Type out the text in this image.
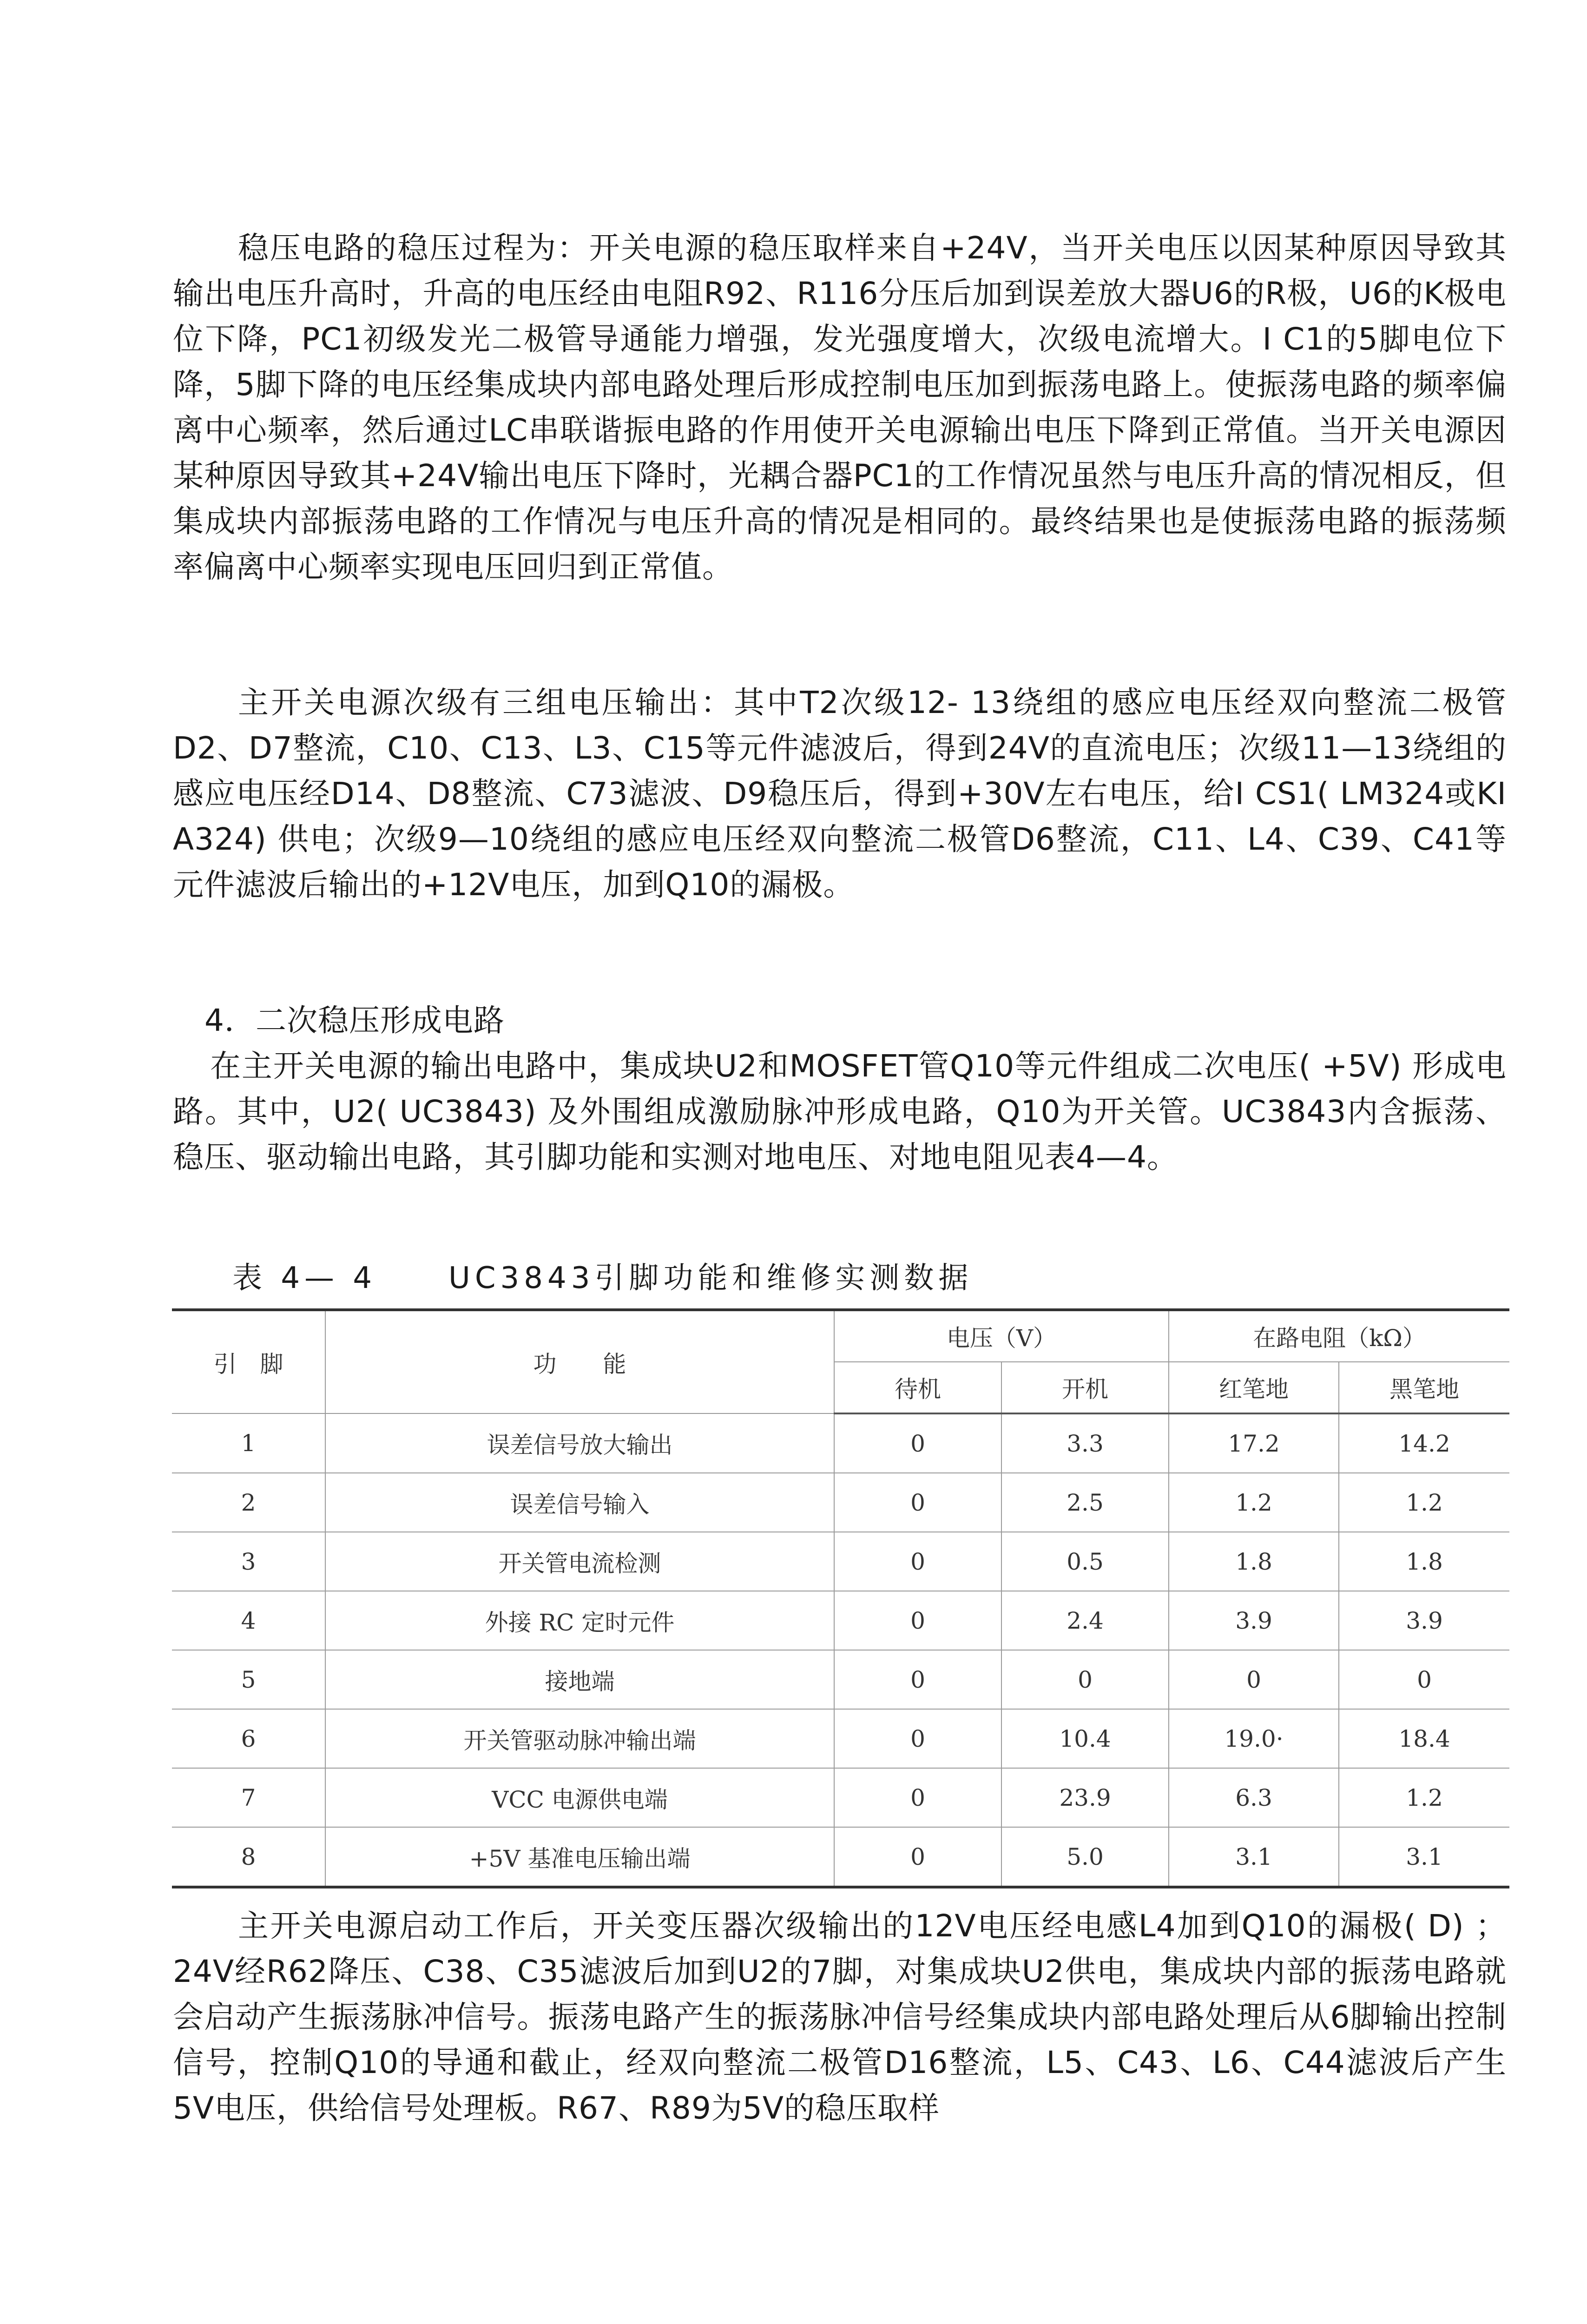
稳压电路的稳压过程为：开关电源的稳压取样来自+24V，当开关电压以因某种原因导致其输出电压升高时，升高的电压经由电阻R92、R116分压后加到误差放大器U6的R极，U6的K极电位下降，PC1初级发光二极管导通能力增强，发光强度增大，次级电流增大。I C1的5脚电位下降，5脚下降的电压经集成块内部电路处理后形成控制电压加到振荡电路上。使振荡电路的频率偏离中心频率，然后通过LC串联谐振电路的作用使开关电源输出电压下降到正常值。当开关电源因某种原因导致其+24V输出电压下降时，光耦合器PC1的工作情况虽然与电压升高的情况相反，但集成块内部振荡电路的工作情况与电压升高的情况是相同的。最终结果也是使振荡电路的振荡频率偏离中心频率实现电压回归到正常值。

主开关电源次级有三组电压输出：其中T2次级12- 13绕组的感应电压经双向整流二极管D2、D7整流，C10、C13、L3、C15等元件滤波后，得到24V的直流电压；次级11—13绕组的感应电压经D14、D8整流、C73滤波、D9稳压后，得到+30V左右电压，给I CS1( LM324或KI A324) 供电；次级9—10绕组的感应电压经双向整流二极管D6整流，C11、L4、C39、C41等元件滤波后输出的+12V电压，加到Q10的漏极。

4．二次稳压形成电路

在主开关电源的输出电路中，集成块U2和MOSFET管Q10等元件组成二次电压( +5V) 形成电路。其中，U2( UC3843) 及外围组成激励脉冲形成电路，Q10为开关管。UC3843内含振荡、稳压、驱动输出电路，其引脚功能和实测对地电压、对地电阻见表4—4。

表 4— 4 UC3843引脚功能和维修实测数据
引　脚	功　　能	电压（V）		在路电阻（kΩ）	
		待机	开机	红笔地	黑笔地
1	误差信号放大输出	0	3.3	17.2	14.2
2	误差信号输入	0	2.5	1.2	1.2
3	开关管电流检测	0	0.5	1.8	1.8
4	外接 RC 定时元件	0	2.4	3.9	3.9
5	接地端	0	0	0	0
6	开关管驱动脉冲输出端	0	10.4	19.0·	18.4
7	VCC 电源供电端	0	23.9	6.3	1.2
8	+5V 基准电压输出端	0	5.0	3.1	3.1

主开关电源启动工作后，开关变压器次级输出的12V电压经电感L4加到Q10的漏极( D) ；24V经R62降压、C38、C35滤波后加到U2的7脚，对集成块U2供电，集成块内部的振荡电路就会启动产生振荡脉冲信号。振荡电路产生的振荡脉冲信号经集成块内部电路处理后从6脚输出控制信号，控制Q10的导通和截止，经双向整流二极管D16整流，L5、C43、L6、C44滤波后产生5V电压，供给信号处理板。R67、R89为5V的稳压取样
